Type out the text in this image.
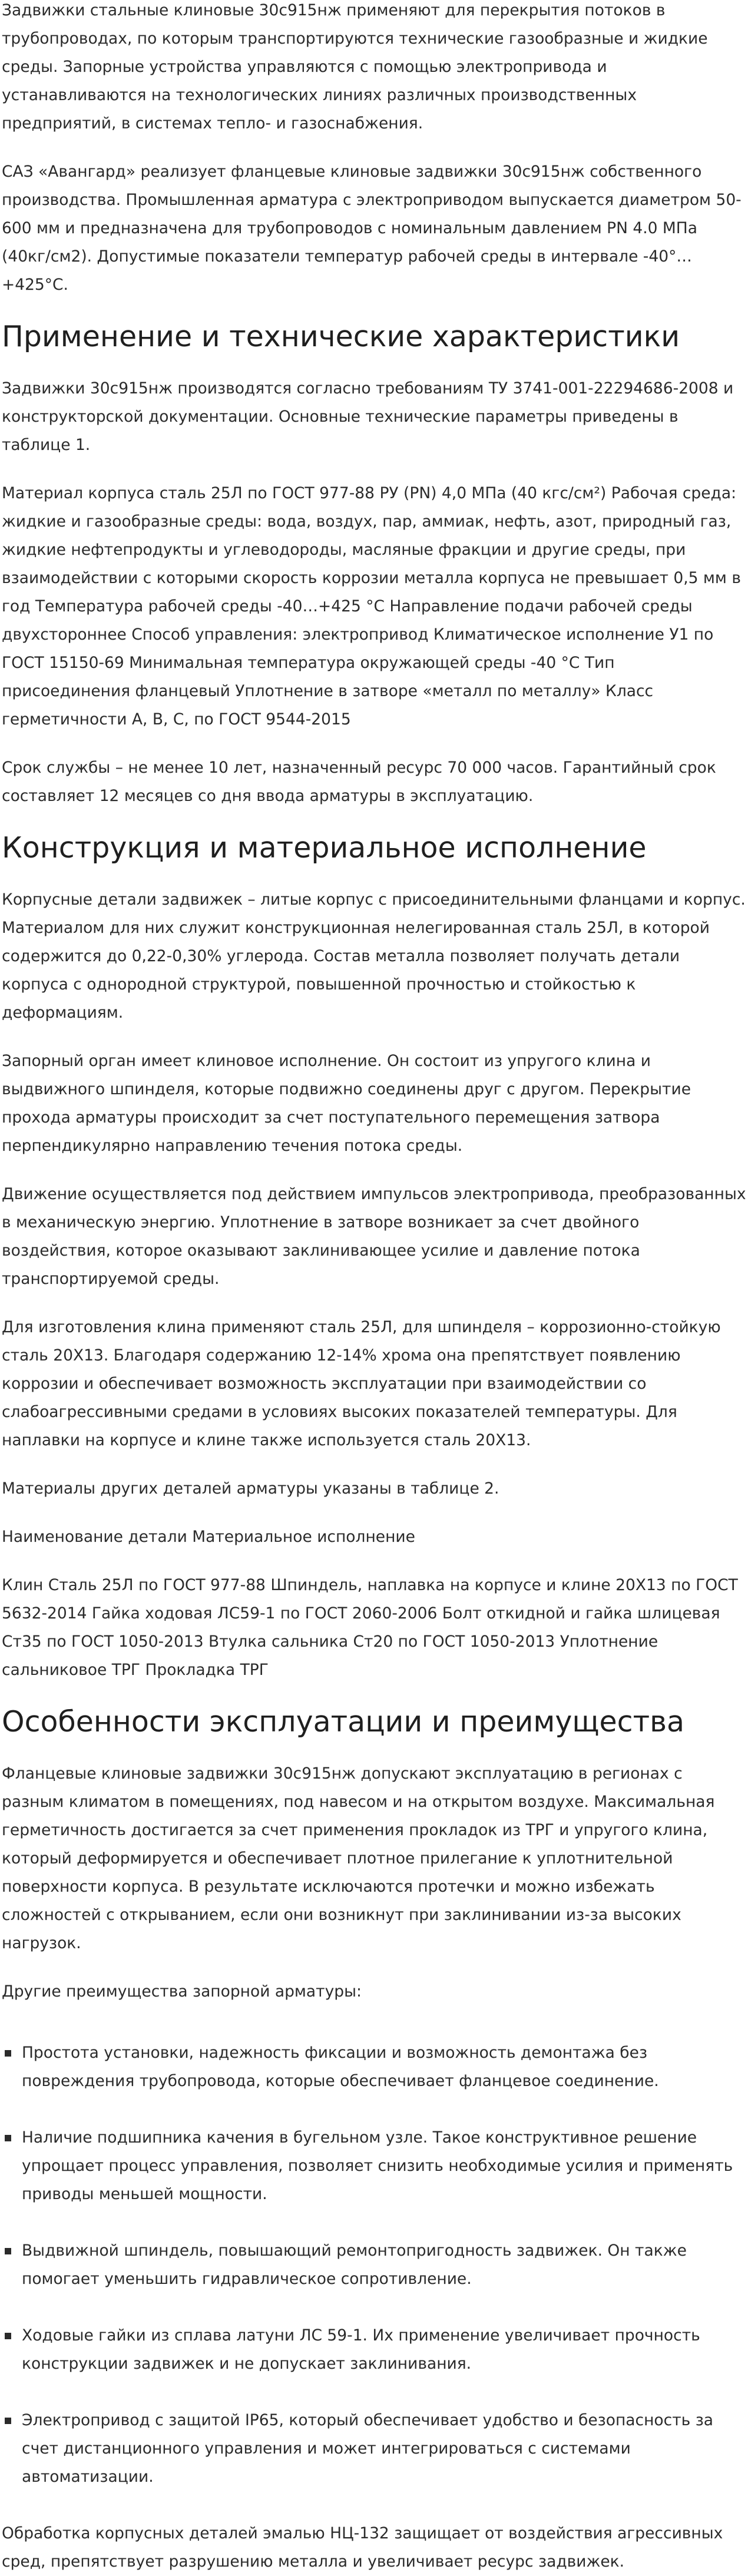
Задвижки стальные клиновые 30с915нж применяют для перекрытия потоков в трубопроводах, по которым транспортируются технические газообразные и жидкие среды. Запорные устройства управляются с помощью электропривода и устанавливаются на технологических линиях различных производственных предприятий, в системах тепло- и газоснабжения.

САЗ «Авангард» реализует фланцевые клиновые задвижки 30с915нж собственного производства. Промышленная арматура с электроприводом выпускается диаметром 50-600 мм и предназначена для трубопроводов с номинальным давлением PN 4.0 МПа (40кг/см2). Допустимые показатели температур рабочей среды в интервале -40°…+425°С.

Применение и технические характеристики

Задвижки 30с915нж производятся согласно требованиям ТУ 3741-001-22294686-2008 и конструкторской документации. Основные технические параметры приведены в таблице 1.

Материал корпуса сталь 25Л по ГОСТ 977-88 РУ (PN) 4,0 МПа (40 кгс/см²) Рабочая среда: жидкие и газообразные среды: вода, воздух, пар, аммиак, нефть, азот, природный газ, жидкие нефтепродукты и углеводороды, масляные фракции и другие среды, при взаимодействии с которыми скорость коррозии металла корпуса не превышает 0,5 мм в год Температура рабочей среды -40…+425 °С Направление подачи рабочей среды двухстороннее Способ управления: электропривод Климатическое исполнение У1 по ГОСТ 15150-69 Минимальная температура окружающей среды -40 °С Тип присоединения фланцевый Уплотнение в затворе «металл по металлу» Класс герметичности А, В, С, по ГОСТ 9544-2015

Срок службы – не менее 10 лет, назначенный ресурс 70 000 часов. Гарантийный срок составляет 12 месяцев со дня ввода арматуры в эксплуатацию.

Конструкция и материальное исполнение

Корпусные детали задвижек – литые корпус с присоединительными фланцами и корпус. Материалом для них служит конструкционная нелегированная сталь 25Л, в которой содержится до 0,22-0,30% углерода. Состав металла позволяет получать детали корпуса с однородной структурой, повышенной прочностью и стойкостью к деформациям.

Запорный орган имеет клиновое исполнение. Он состоит из упругого клина и выдвижного шпинделя, которые подвижно соединены друг с другом. Перекрытие прохода арматуры происходит за счет поступательного перемещения затвора перпендикулярно направлению течения потока среды.

Движение осуществляется под действием импульсов электропривода, преобразованных в механическую энергию. Уплотнение в затворе возникает за счет двойного воздействия, которое оказывают заклинивающее усилие и давление потока транспортируемой среды.

Для изготовления клина применяют сталь 25Л, для шпинделя – коррозионно-стойкую сталь 20Х13. Благодаря содержанию 12-14% хрома она препятствует появлению коррозии и обеспечивает возможность эксплуатации при взаимодействии со слабоагрессивными средами в условиях высоких показателей температуры. Для наплавки на корпусе и клине также используется сталь 20Х13.

Материалы других деталей арматуры указаны в таблице 2.

Наименование детали Материальное исполнение

Клин Сталь 25Л по ГОСТ 977-88 Шпиндель, наплавка на корпусе и клине 20Х13 по ГОСТ 5632-2014 Гайка ходовая ЛС59-1 по ГОСТ 2060-2006 Болт откидной и гайка шлицевая Ст35 по ГОСТ 1050-2013 Втулка сальника Ст20 по ГОСТ 1050-2013 Уплотнение сальниковое ТРГ Прокладка ТРГ

Особенности эксплуатации и преимущества

Фланцевые клиновые задвижки 30с915нж допускают эксплуатацию в регионах с разным климатом в помещениях, под навесом и на открытом воздухе. Максимальная герметичность достигается за счет применения прокладок из ТРГ и упругого клина, который деформируется и обеспечивает плотное прилегание к уплотнительной поверхности корпуса. В результате исключаются протечки и можно избежать сложностей с открыванием, если они возникнут при заклинивании из-за высоких нагрузок.

Другие преимущества запорной арматуры:

Простота установки, надежность фиксации и возможность демонтажа без повреждения трубопровода, которые обеспечивает фланцевое соединение.
Наличие подшипника качения в бугельном узле. Такое конструктивное решение упрощает процесс управления, позволяет снизить необходимые усилия и применять приводы меньшей мощности.
Выдвижной шпиндель, повышающий ремонтопригодность задвижек. Он также помогает уменьшить гидравлическое сопротивление.
Ходовые гайки из сплава латуни ЛС 59-1. Их применение увеличивает прочность конструкции задвижек и не допускает заклинивания.
Электропривод с защитой IP65, который обеспечивает удобство и безопасность за счет дистанционного управления и может интегрироваться с системами автоматизации.

Обработка корпусных деталей эмалью НЦ-132 защищает от воздействия агрессивных сред, препятствует разрушению металла и увеличивает ресурс задвижек.
